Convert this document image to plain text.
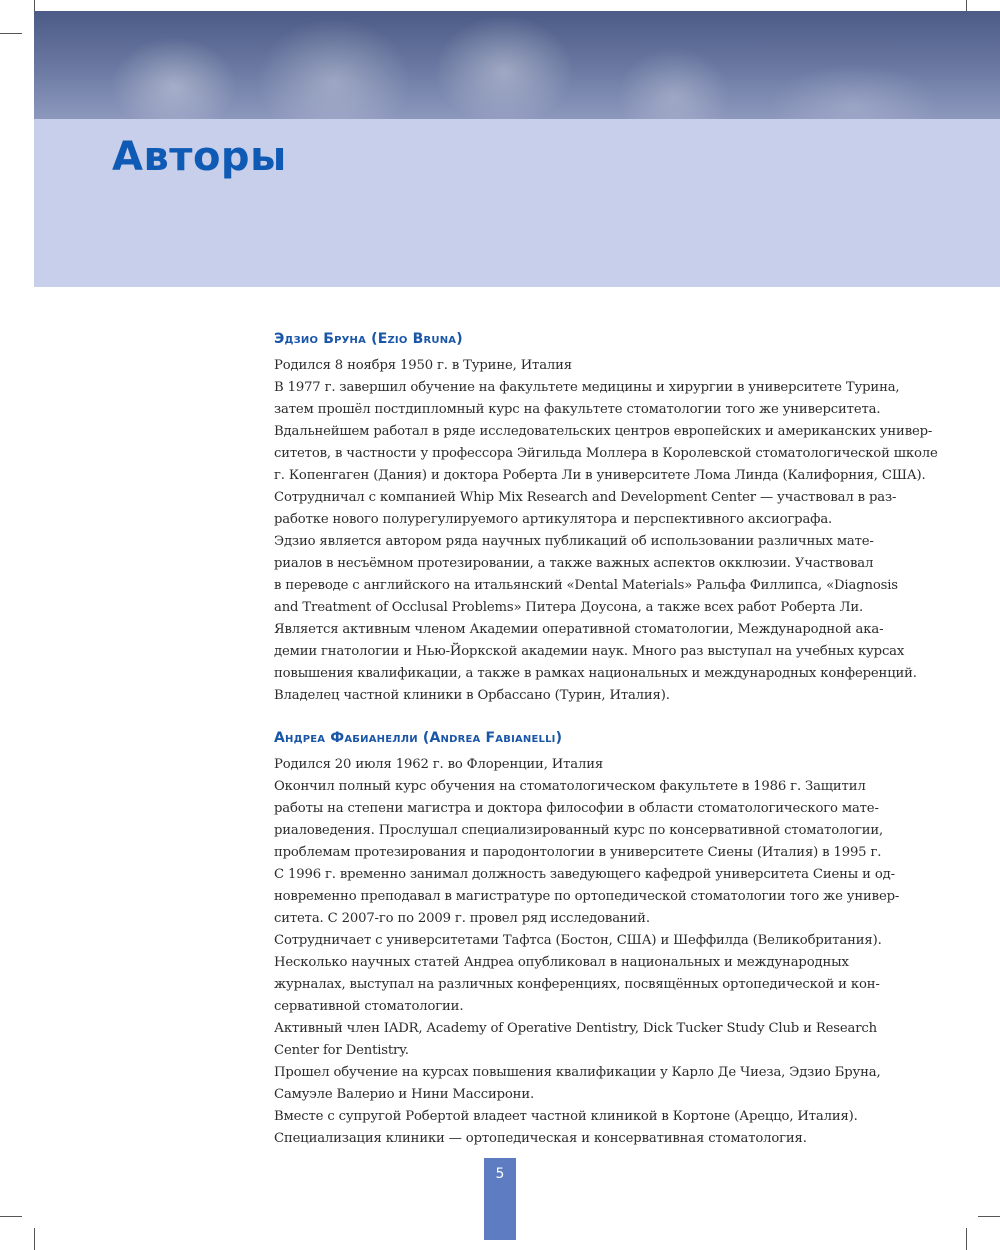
Авторы
Эдзио Бруна (Ezio Bruna)

Родился 8 ноября 1950 г. в Турине, Италия

В 1977 г. завершил обучение на факультете медицины и хирургии в университете Турина,

затем прошёл постдипломный курс на факультете стоматологии того же университета.

Вдальнейшем работал в ряде исследовательских центров европейских и американских универ-

ситетов, в частности у профессора Эйгильда Моллера в Королевской стоматологической школе

г. Копенгаген (Дания) и доктора Роберта Ли в университете Лома Линда (Калифорния, США).

Сотрудничал с компанией Whip Mix Research and Development Center — участвовал в раз-

работке нового полурегулируемого артикулятора и перспективного аксиографа.

Эдзио является автором ряда научных публикаций об использовании различных мате-

риалов в несъёмном протезировании, а также важных аспектов окклюзии. Участвовал

в переводе с английского на итальянский «Dental Materials» Ральфа Филлипса, «Diagnosis

and Treatment of Occlusal Problems» Питера Доусона, а также всех работ Роберта Ли.

Является активным членом Академии оперативной стоматологии, Международной ака-

демии гнатологии и Нью-Йоркской академии наук. Много раз выступал на учебных курсах

повышения квалификации, а также в рамках национальных и международных конференций.

Владелец частной клиники в Орбассано (Турин, Италия).

Андреа Фабианелли (Andrea Fabianelli)

Родился 20 июля 1962 г. во Флоренции, Италия

Окончил полный курс обучения на стоматологическом факультете в 1986 г. Защитил

работы на степени магистра и доктора философии в области стоматологического мате-

риаловедения. Прослушал специализированный курс по консервативной стоматологии,

проблемам протезирования и пародонтологии в университете Сиены (Италия) в 1995 г.

С 1996 г. временно занимал должность заведующего кафедрой университета Сиены и од-

новременно преподавал в магистратуре по ортопедической стоматологии того же универ-

ситета. С 2007-го по 2009 г. провел ряд исследований.

Сотрудничает с университетами Тафтса (Бостон, США) и Шеффилда (Великобритания).

Несколько научных статей Андреа опубликовал в национальных и международных

журналах, выступал на различных конференциях, посвящённых ортопедической и кон-

сервативной стоматологии.

Активный член IADR, Academy of Operative Dentistry, Dick Tucker Study Club и Research

Center for Dentistry.

Прошел обучение на курсах повышения квалификации у Карло Де Чиеза, Эдзио Бруна,

Самуэле Валерио и Нини Массирони.

Вместе с супругой Робертой владеет частной клиникой в Кортоне (Ареццо, Италия).

Специализация клиники — ортопедическая и консервативная стоматология.

5
